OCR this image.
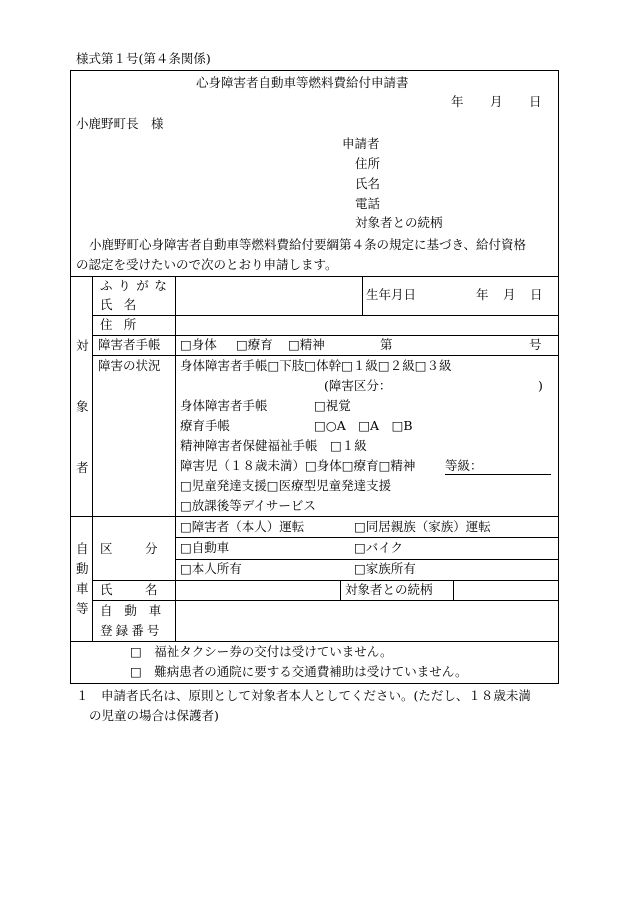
様式第１号(第４条関係)
心身障害者自動車等燃料費給付申請書
年 月 日
小鹿野町長　様
申請者
住所
氏名
電話
対象者との続柄
小鹿野町心身障害者自動車等燃料費給付要綱第４条の規定に基づき、給付資格
の認定を受けたいので次のとおり申請します。
対
象
者
ふりがな
氏名
生年月日	年 月 日
住所
障害者手帳 □身体 □療育 □精神	第	号
障害の状況 身体障害者手帳□下肢□体幹□１級□２級□３級
(障害区分：	)
身体障害者手帳	□視覚
療育手帳	□○A　□A　□B
精神障害者保健福祉手帳　□１級
障害児（１８歳未満）□身体□療育□精神 等級：
□児童発達支援□医療型児童発達支援
□放課後等デイサービス
自
動
車
等
区分
□障害者（本人）運転	□同居親族（家族）運転
□自動車	□バイク
□本人所有	□家族所有
氏名	対象者との続柄
自動車
登録番号
□　福祉タクシー券の交付は受けていません。
□　難病患者の通院に要する交通費補助は受けていません。
１　申請者氏名は、原則として対象者本人としてください。(ただし、１８歳未満
の児童の場合は保護者)
